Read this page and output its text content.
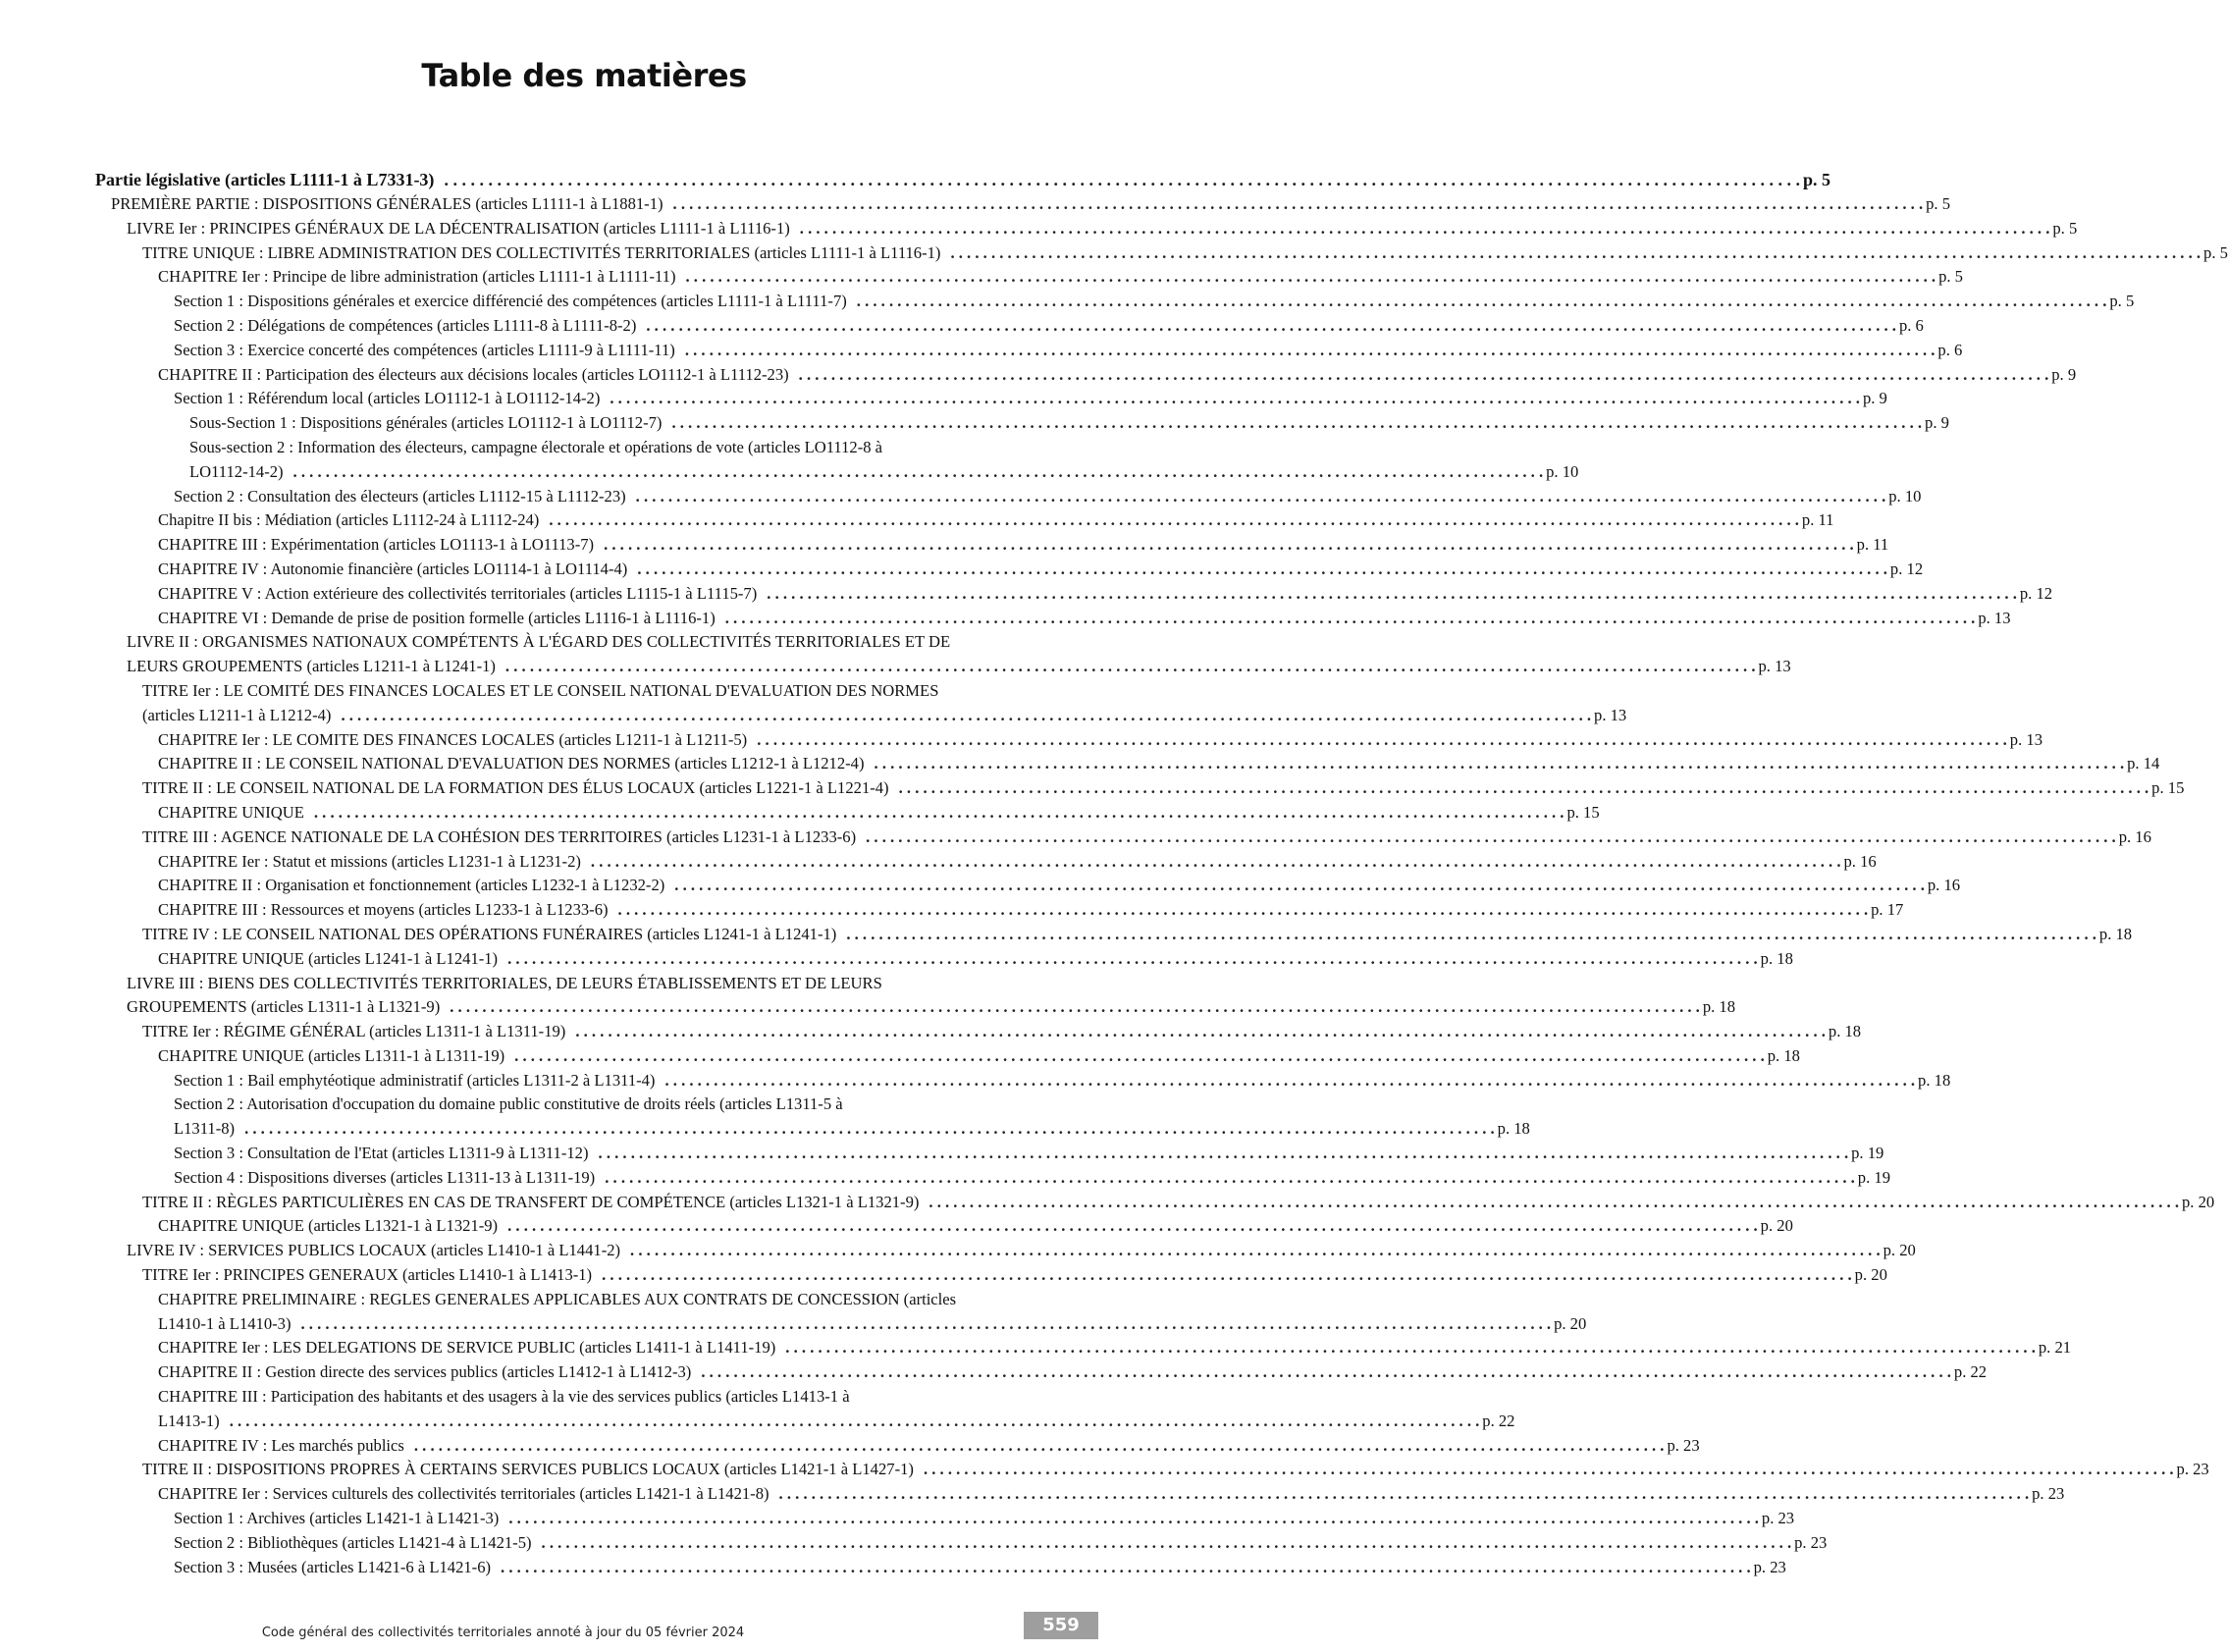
Table des matières
Partie législative (articles L1111-1 à L7331-3) . . .	p. 5
PREMIÈRE PARTIE : DISPOSITIONS GÉNÉRALES (articles L1111-1 à L1881-1) . . .	p. 5
LIVRE Ier : PRINCIPES GÉNÉRAUX DE LA DÉCENTRALISATION (articles L1111-1 à L1116-1) . . .	p. 5
TITRE UNIQUE : LIBRE ADMINISTRATION DES COLLECTIVITÉS TERRITORIALES (articles L1111-1 à L1116-1) . . .	p. 5
CHAPITRE Ier : Principe de libre administration (articles L1111-1 à L1111-11) . . .	p. 5
Section 1 : Dispositions générales et exercice différencié des compétences (articles L1111-1 à L1111-7) . . .	p. 5
Section 2 : Délégations de compétences (articles L1111-8 à L1111-8-2) . . .	p. 6
Section 3 : Exercice concerté des compétences (articles L1111-9 à L1111-11) . . .	p. 6
CHAPITRE II : Participation des électeurs aux décisions locales (articles LO1112-1 à L1112-23) . . .	p. 9
Section 1 : Référendum local (articles LO1112-1 à LO1112-14-2) . . .	p. 9
Sous-Section 1 : Dispositions générales (articles LO1112-1 à LO1112-7) . . .	p. 9
Sous-section 2 : Information des électeurs, campagne électorale et opérations de vote (articles LO1112-8 à
LO1112-14-2) . . .	p. 10
Section 2 : Consultation des électeurs (articles L1112-15 à L1112-23) . . .	p. 10
Chapitre II bis : Médiation (articles L1112-24 à L1112-24) . . .	p. 11
CHAPITRE III : Expérimentation (articles LO1113-1 à LO1113-7) . . .	p. 11
CHAPITRE IV : Autonomie financière (articles LO1114-1 à LO1114-4) . . .	p. 12
CHAPITRE V : Action extérieure des collectivités territoriales (articles L1115-1 à L1115-7) . . .	p. 12
CHAPITRE VI : Demande de prise de position formelle (articles L1116-1 à L1116-1) . . .	p. 13
LIVRE II : ORGANISMES NATIONAUX COMPÉTENTS À L'ÉGARD DES COLLECTIVITÉS TERRITORIALES ET DE
LEURS GROUPEMENTS (articles L1211-1 à L1241-1) . . .	p. 13
TITRE Ier : LE COMITÉ DES FINANCES LOCALES ET LE CONSEIL NATIONAL D'EVALUATION DES NORMES
(articles L1211-1 à L1212-4) . . .	p. 13
CHAPITRE Ier : LE COMITE DES FINANCES LOCALES (articles L1211-1 à L1211-5) . . .	p. 13
CHAPITRE II : LE CONSEIL NATIONAL D'EVALUATION DES NORMES (articles L1212-1 à L1212-4) . . .	p. 14
TITRE II : LE CONSEIL NATIONAL DE LA FORMATION DES ÉLUS LOCAUX (articles L1221-1 à L1221-4) . . .	p. 15
CHAPITRE UNIQUE . . .	p. 15
TITRE III : AGENCE NATIONALE DE LA COHÉSION DES TERRITOIRES (articles L1231-1 à L1233-6) . . .	p. 16
CHAPITRE Ier : Statut et missions (articles L1231-1 à L1231-2) . . .	p. 16
CHAPITRE II : Organisation et fonctionnement (articles L1232-1 à L1232-2) . . .	p. 16
CHAPITRE III : Ressources et moyens (articles L1233-1 à L1233-6) . . .	p. 17
TITRE IV : LE CONSEIL NATIONAL DES OPÉRATIONS FUNÉRAIRES (articles L1241-1 à L1241-1) . . .	p. 18
CHAPITRE UNIQUE (articles L1241-1 à L1241-1) . . .	p. 18
LIVRE III : BIENS DES COLLECTIVITÉS TERRITORIALES, DE LEURS ÉTABLISSEMENTS ET DE LEURS
GROUPEMENTS (articles L1311-1 à L1321-9) . . .	p. 18
TITRE Ier : RÉGIME GÉNÉRAL (articles L1311-1 à L1311-19) . . .	p. 18
CHAPITRE UNIQUE (articles L1311-1 à L1311-19) . . .	p. 18
Section 1 : Bail emphytéotique administratif (articles L1311-2 à L1311-4) . . .	p. 18
Section 2 : Autorisation d'occupation du domaine public constitutive de droits réels (articles L1311-5 à
L1311-8) . . .	p. 18
Section 3 : Consultation de l'Etat (articles L1311-9 à L1311-12) . . .	p. 19
Section 4 : Dispositions diverses (articles L1311-13 à L1311-19) . . .	p. 19
TITRE II : RÈGLES PARTICULIÈRES EN CAS DE TRANSFERT DE COMPÉTENCE (articles L1321-1 à L1321-9) . . .	p. 20
CHAPITRE UNIQUE (articles L1321-1 à L1321-9) . . .	p. 20
LIVRE IV : SERVICES PUBLICS LOCAUX (articles L1410-1 à L1441-2) . . .	p. 20
TITRE Ier : PRINCIPES GENERAUX (articles L1410-1 à L1413-1) . . .	p. 20
CHAPITRE PRELIMINAIRE : REGLES GENERALES APPLICABLES AUX CONTRATS DE CONCESSION (articles
L1410-1 à L1410-3) . . .	p. 20
CHAPITRE Ier : LES DELEGATIONS DE SERVICE PUBLIC (articles L1411-1 à L1411-19) . . .	p. 21
CHAPITRE II : Gestion directe des services publics (articles L1412-1 à L1412-3) . . .	p. 22
CHAPITRE III : Participation des habitants et des usagers à la vie des services publics (articles L1413-1 à
L1413-1) . . .	p. 22
CHAPITRE IV : Les marchés publics . . .	p. 23
TITRE II : DISPOSITIONS PROPRES À CERTAINS SERVICES PUBLICS LOCAUX (articles L1421-1 à L1427-1) . . .	p. 23
CHAPITRE Ier : Services culturels des collectivités territoriales (articles L1421-1 à L1421-8) . . .	p. 23
Section 1 : Archives (articles L1421-1 à L1421-3) . . .	p. 23
Section 2 : Bibliothèques (articles L1421-4 à L1421-5) . . .	p. 23
Section 3 : Musées (articles L1421-6 à L1421-6) . . .	p. 23
Code général des collectivités territoriales annoté à jour du 05 février 2024	559
